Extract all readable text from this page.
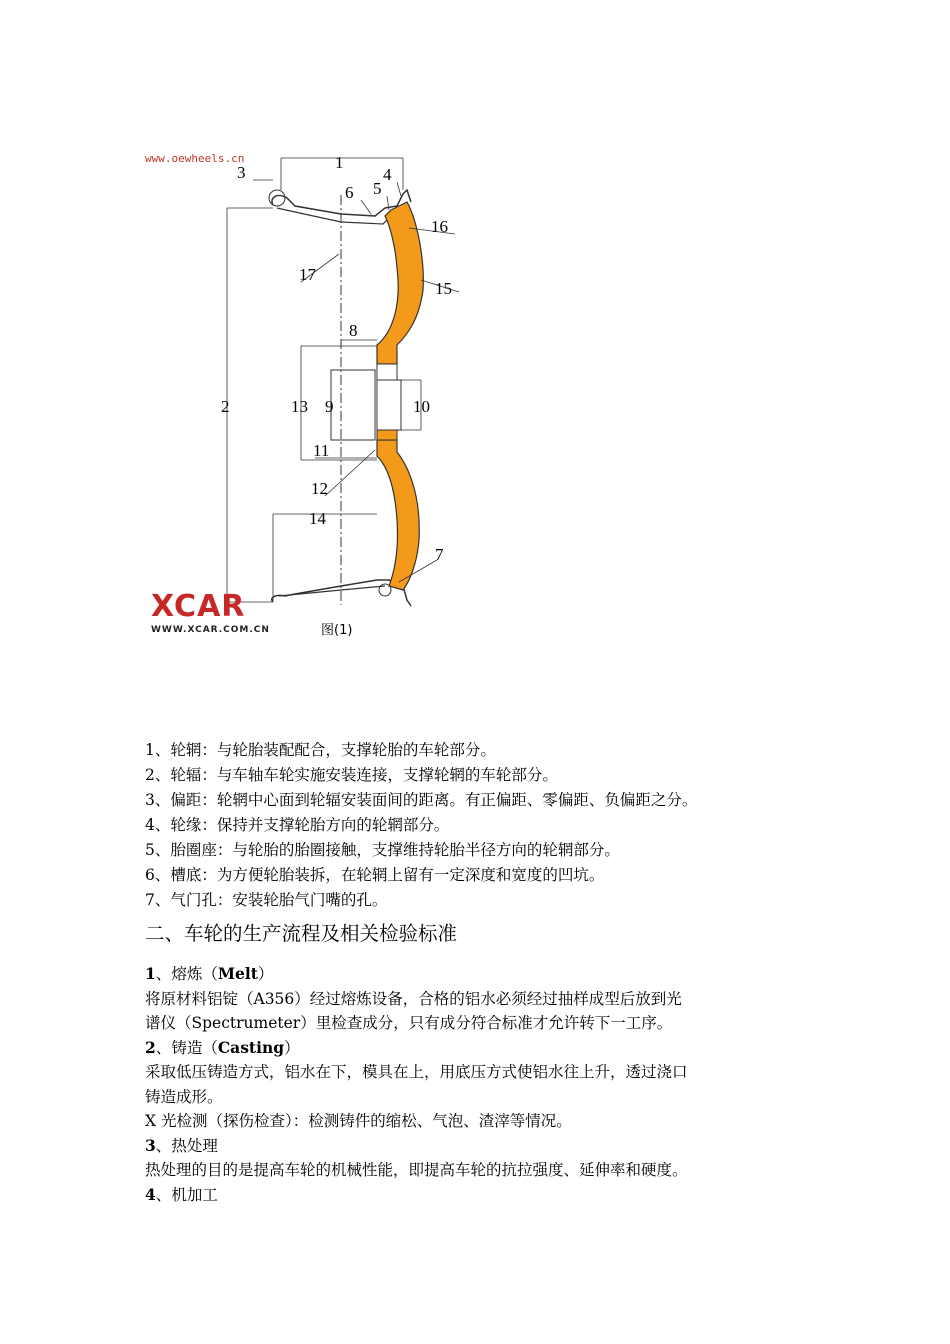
www.oewheels.cn	1
2
3	4
5
6
7
8
9	10
11
12
13
14
15
16
17
XCAR
WWW.XCAR.COM.CN	图(1)

1、轮辋：与轮胎装配配合，支撑轮胎的车轮部分。

2、轮辐：与车轴车轮实施安装连接，支撑轮辋的车轮部分。

3、偏距：轮辋中心面到轮辐安装面间的距离。有正偏距、零偏距、负偏距之分。

4、轮缘：保持并支撑轮胎方向的轮辋部分。

5、胎圈座：与轮胎的胎圈接触，支撑维持轮胎半径方向的轮辋部分。

6、槽底：为方便轮胎装拆，在轮辋上留有一定深度和宽度的凹坑。

7、气门孔：安装轮胎气门嘴的孔。

二、车轮的生产流程及相关检验标准

1、熔炼（Melt）

将原材料铝锭（A356）经过熔炼设备，合格的铝水必须经过抽样成型后放到光

谱仪（Spectrumeter）里检查成分，只有成分符合标准才允许转下一工序。

2、铸造（Casting）

采取低压铸造方式，铝水在下，模具在上，用底压方式使铝水往上升，透过浇口

铸造成形。

X 光检测（探伤检查）：检测铸件的缩松、气泡、渣滓等情况。

3、热处理

热处理的目的是提高车轮的机械性能，即提高车轮的抗拉强度、延伸率和硬度。

4、机加工
